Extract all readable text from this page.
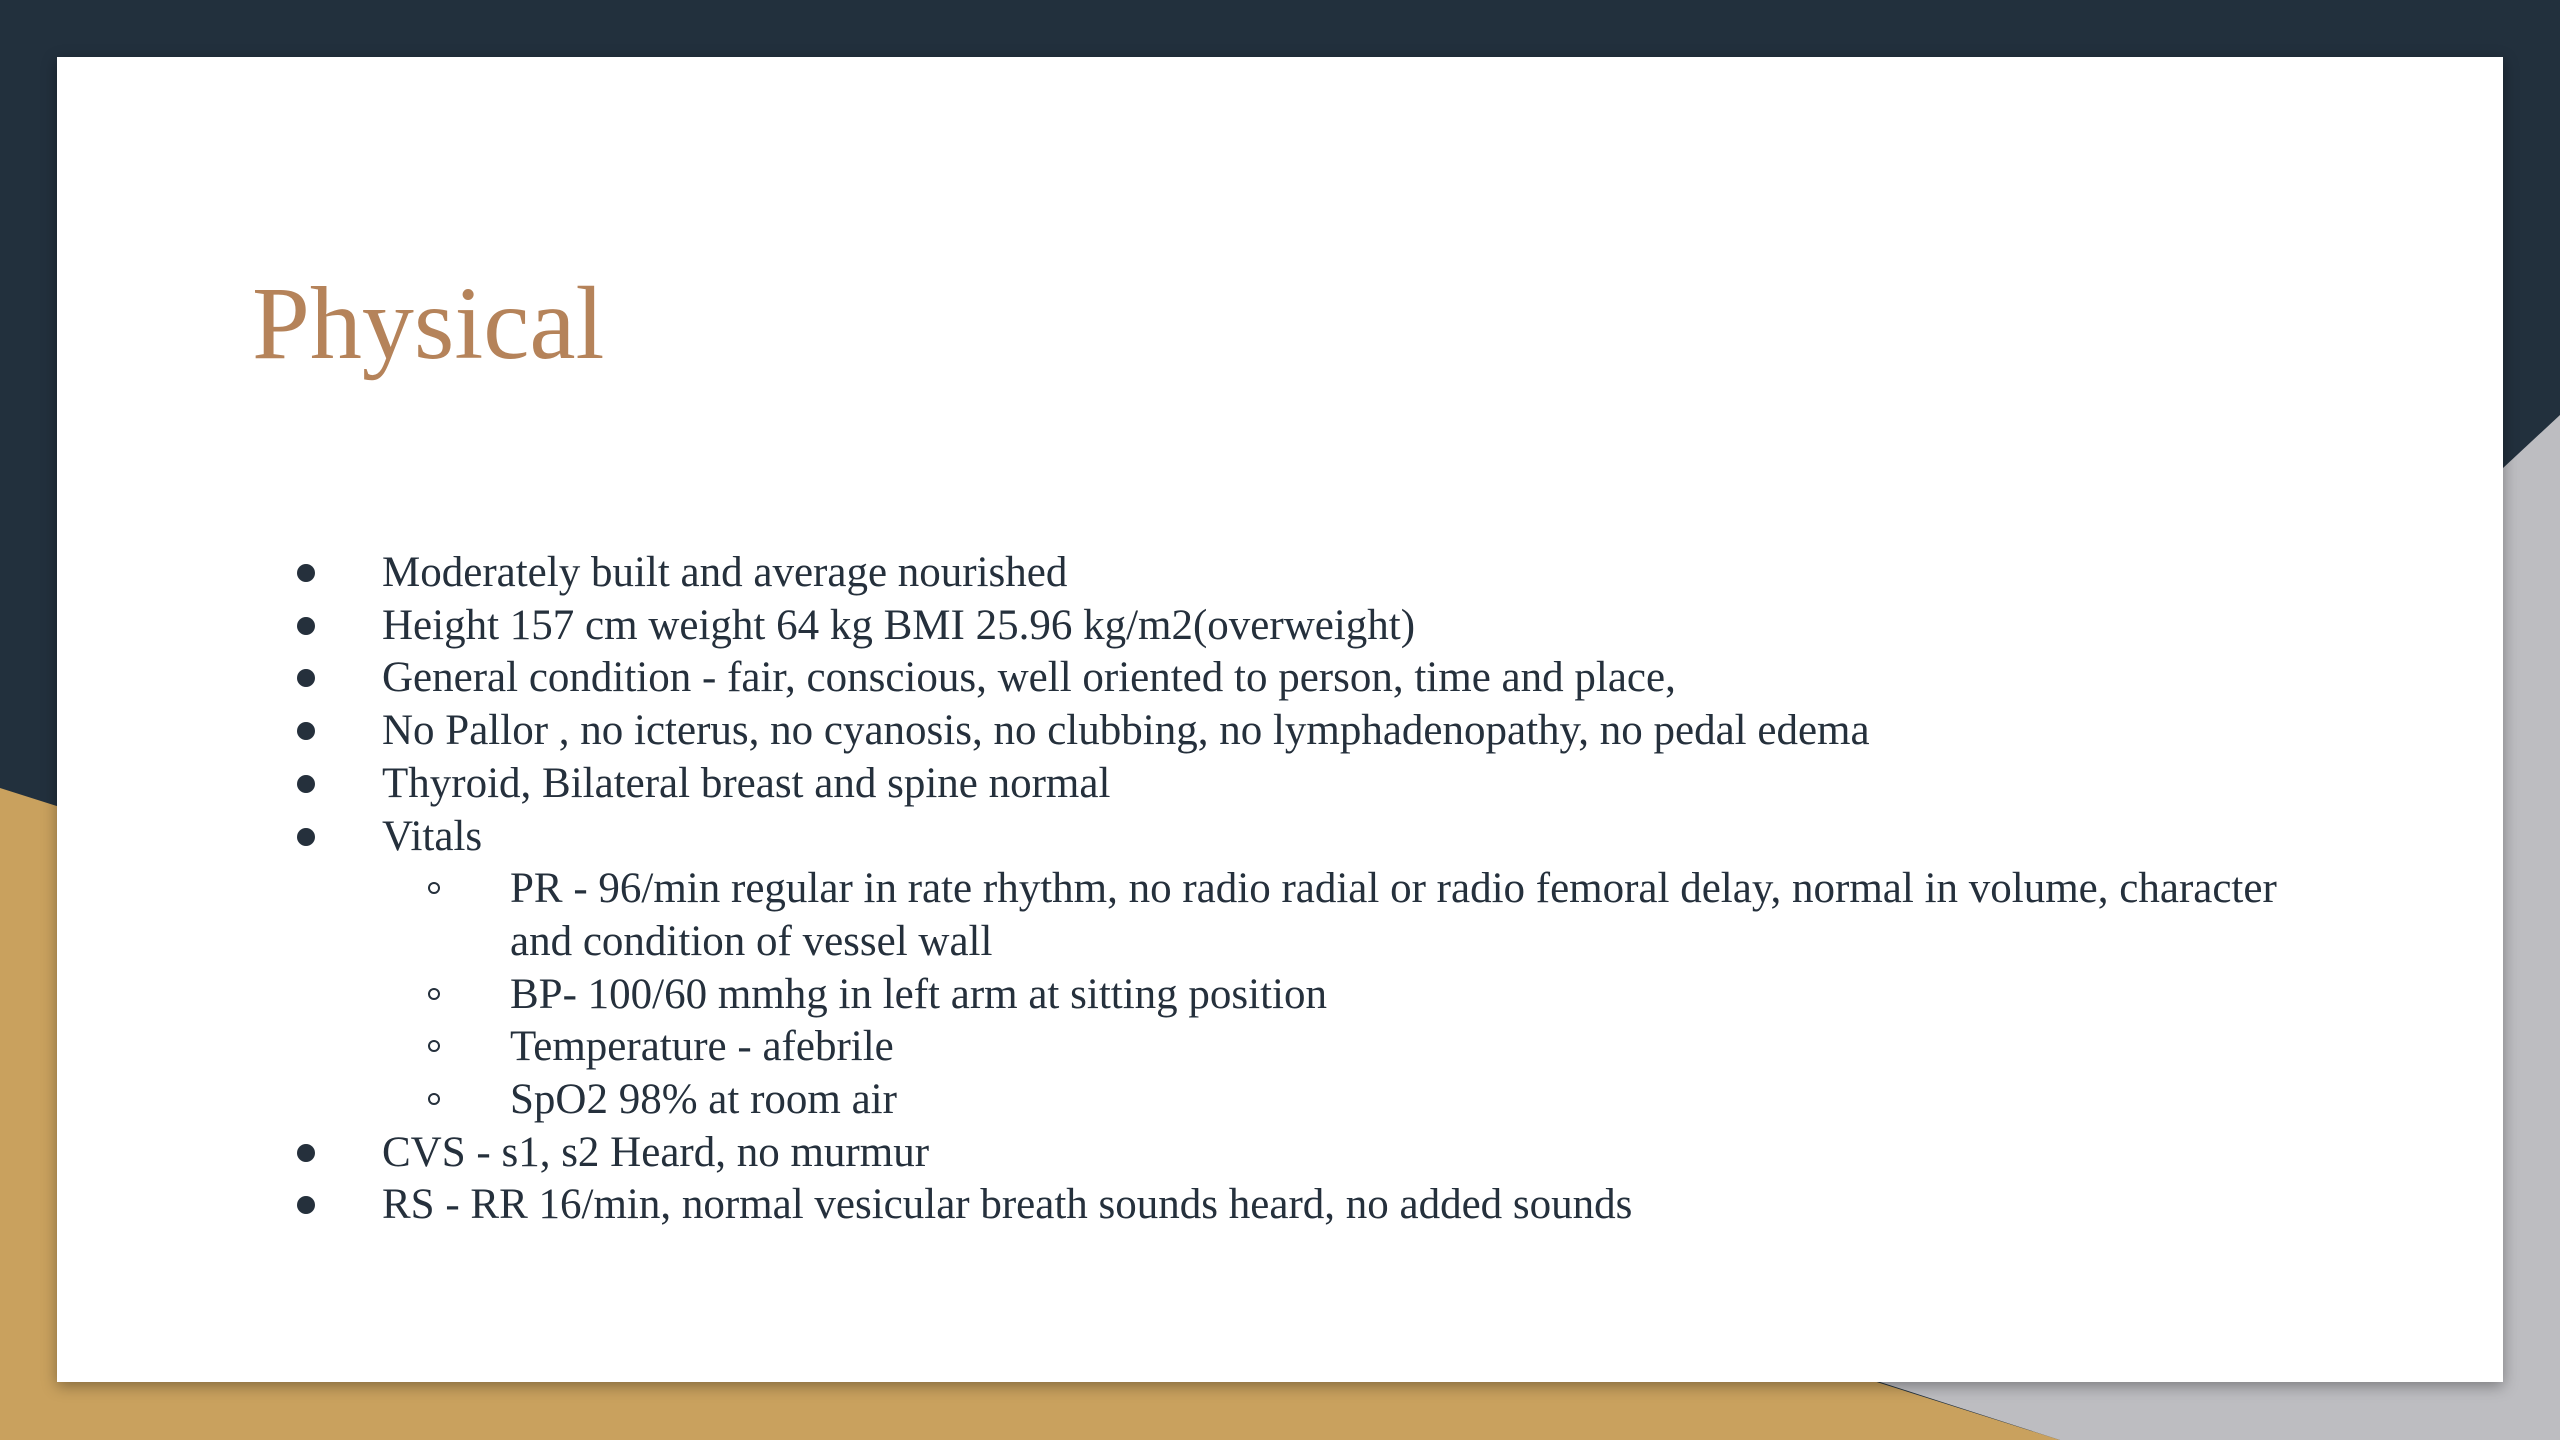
Physical
Moderately built and average nourished
Height 157 cm weight 64 kg BMI 25.96 kg/m2(overweight)
General condition - fair, conscious, well oriented to person, time and place,
No Pallor , no icterus, no cyanosis, no clubbing, no lymphadenopathy, no pedal edema
Thyroid, Bilateral breast and spine normal
Vitals
PR - 96/min regular in rate rhythm, no radio radial or radio femoral delay, normal in volume, character and condition of vessel wall
BP- 100/60 mmhg in left arm at sitting position
Temperature - afebrile
SpO2 98% at room air
CVS - s1, s2 Heard, no murmur
RS - RR 16/min, normal vesicular breath sounds heard, no added sounds
